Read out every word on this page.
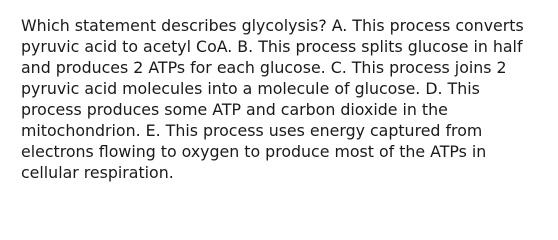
Which statement describes glycolysis? A. This process converts
pyruvic acid to acetyl CoA. B. This process splits glucose in half
and produces 2 ATPs for each glucose. C. This process joins 2
pyruvic acid molecules into a molecule of glucose. D. This
process produces some ATP and carbon dioxide in the
mitochondrion. E. This process uses energy captured from
electrons flowing to oxygen to produce most of the ATPs in
cellular respiration.
